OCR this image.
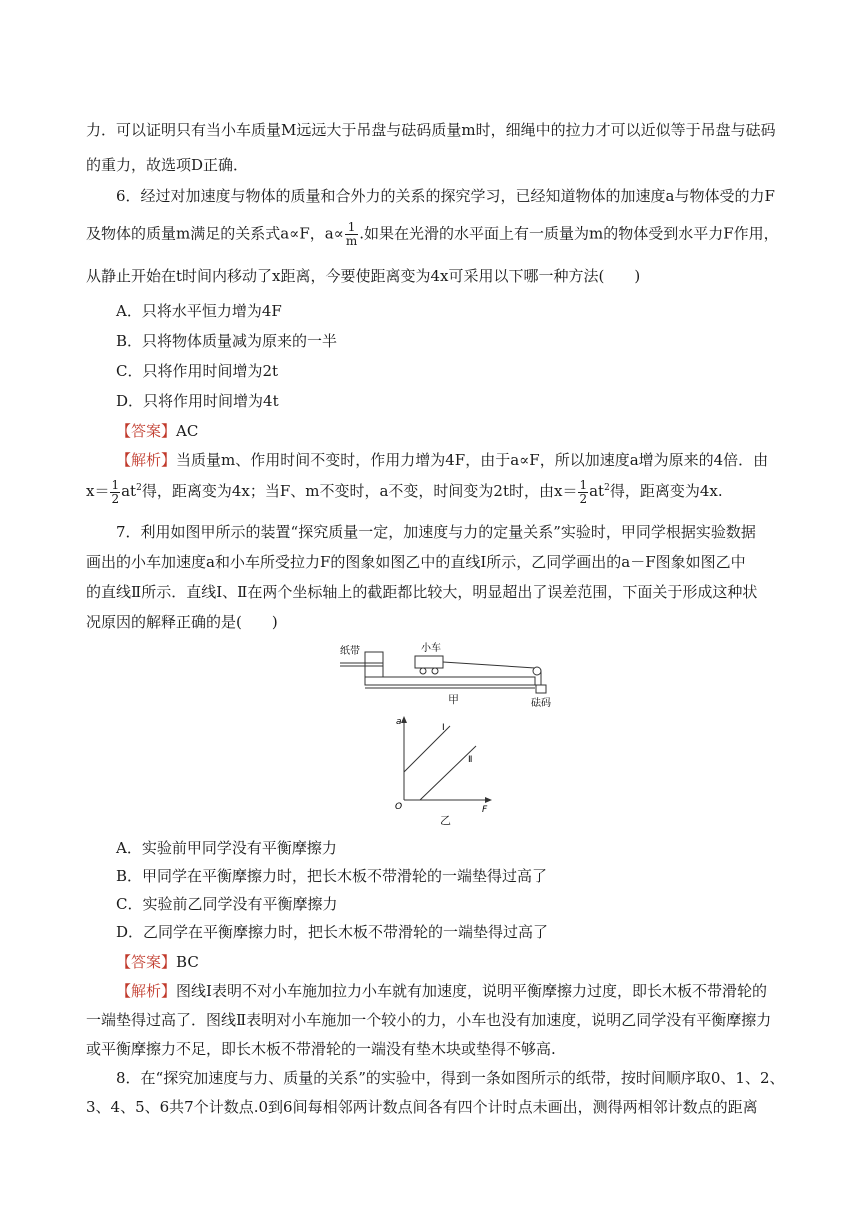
力．可以证明只有当小车质量M远远大于吊盘与砝码质量m时，细绳中的拉力才可以近似等于吊盘与砝码
的重力，故选项D正确．
6．经过对加速度与物体的质量和合外力的关系的探究学习，已经知道物体的加速度a与物体受的力F
及物体的质量m满足的关系式a∝F，$a\propto \frac{1}{m}$ .如果在光滑的水平面上有一质量为m的物体受到水平力F作用，
从静止开始在t时间内移动了x距离，今要使距离变为4x可采用以下哪一种方法(　　)
A．只将水平恒力增为4F
B．只将物体质量减为原来的一半
C．只将作用时间增为2t
D．只将作用时间增为4t
【答案】AC
【解析】当质量m、作用时间不变时，作用力增为4F，由于a∝F，所以加速度a增为原来的4倍．由
$x= \frac{1}{2} at^2$得，距离变为4x；当F、m不变时，a不变，时间变为2t时，由$x= \frac{1}{2} at^2$得，距离变为4x.
7．利用如图甲所示的装置“探究质量一定，加速度与力的定量关系”实验时，甲同学根据实验数据
画出的小车加速度a和小车所受拉力F的图象如图乙中的直线Ⅰ所示，乙同学画出的a－F图象如图乙中
的直线Ⅱ所示．直线Ⅰ、Ⅱ在两个坐标轴上的截距都比较大，明显超出了误差范围，下面关于形成这种状
况原因的解释正确的是(　　)
纸带	小车
砝码
甲
a
F
O
Ⅰ
Ⅱ
乙
A．实验前甲同学没有平衡摩擦力
B．甲同学在平衡摩擦力时，把长木板不带滑轮的一端垫得过高了
C．实验前乙同学没有平衡摩擦力
D．乙同学在平衡摩擦力时，把长木板不带滑轮的一端垫得过高了
【答案】BC
【解析】图线Ⅰ表明不对小车施加拉力小车就有加速度，说明平衡摩擦力过度，即长木板不带滑轮的
一端垫得过高了．图线Ⅱ表明对小车施加一个较小的力，小车也没有加速度，说明乙同学没有平衡摩擦力
或平衡摩擦力不足，即长木板不带滑轮的一端没有垫木块或垫得不够高.
8．在“探究加速度与力、质量的关系”的实验中，得到一条如图所示的纸带，按时间顺序取0、1、2、
3、4、5、6共7个计数点.0到6间每相邻两计数点间各有四个计时点未画出，测得两相邻计数点的距离
